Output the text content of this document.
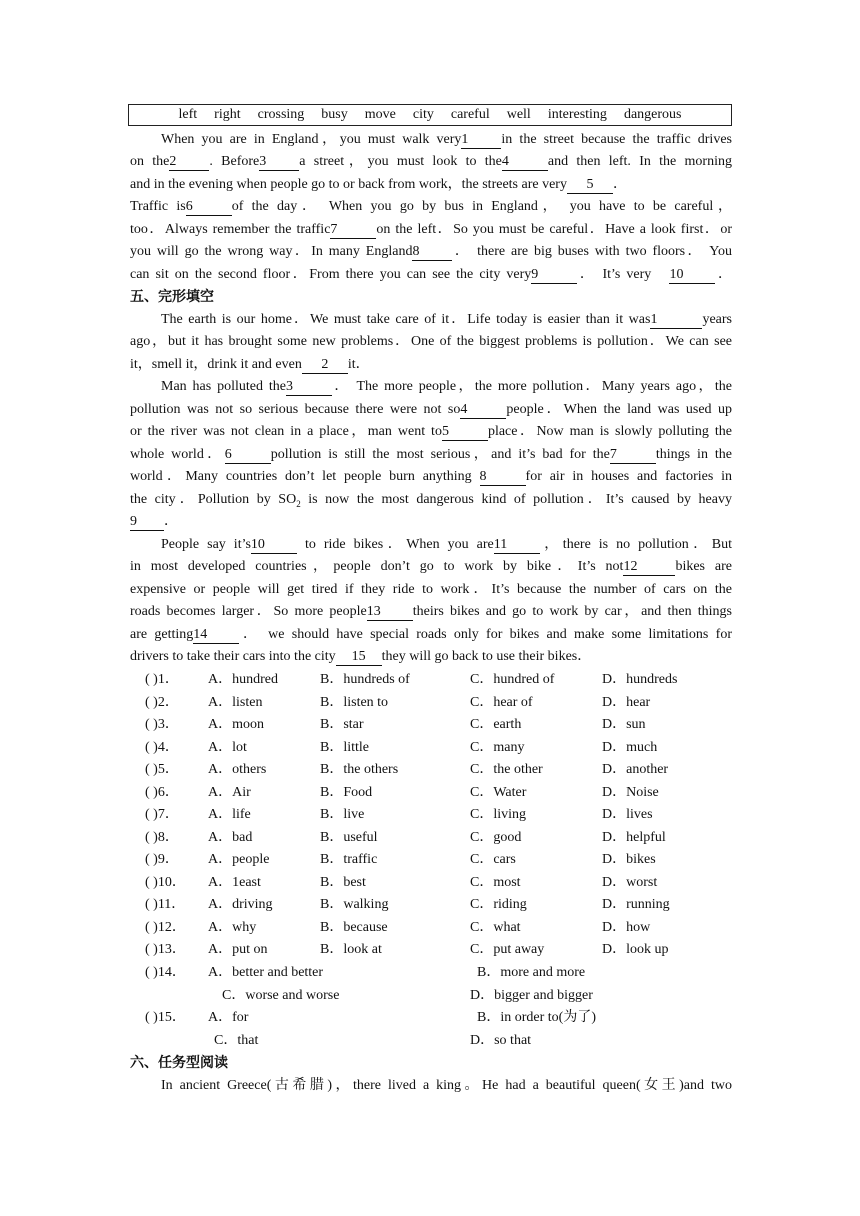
left right crossing busy move city careful well interesting dangerous
When you are in England，you must walk very1 in the street because the traffic drives
on the2 . Before3 a street，you must look to the4	and then left. In the morning
and in the evening when people go to or back from work，the streets are very 5 ．
Traffic is6	of the day． When you go by bus in England， you have to be careful，
too．Always remember the traffic7	on the left．So you must be careful．Have a look first．or
you will go the wrong way．In many England8 ． there are big buses with two floors． You
can sit on the second floor．From there you can see the city very9	． It’s very 10 ．
五、完形填空
The earth is our home．We must take care of it．Life today is easier than it was1	years
ago，but it has brought some new problems．One of the biggest problems is pollution．We can see
it，smell it，drink it and even 2 it．
Man has polluted the3	． The more people，the more pollution．Many years ago，the
pollution was not so serious because there were not so4	people．When the land was used up
or the river was not clean in a place，man went to5	place．Now man is slowly polluting the
whole world．6	pollution is still the most serious，and it’s bad for the7	things in the
world．Many countries don’t let people burn anything 8	for air in houses and factories in
the city．Pollution by $SO_2$ is now the most dangerous kind of pollution．It’s caused by heavy
9 ．
People say it’s10 to ride bikes．When you are11 ，there is no pollution．But
in most developed countries，people don’t go to work by bike．It’s not12	bikes are
expensive or people will get tired if they ride to work．It’s because the number of cars on the
roads becomes larger．So more people13 theirs bikes and go to work by car，and then things
are getting14 ． we should have special roads only for bikes and make some limitations for
drivers to take their cars into the city 15 they will go back to use their bikes．
( )1． A．hundred	B．hundreds of	C．hundred of	D．hundreds
( )2． A．listen	B．listen to	C．hear of	D．hear
( )3． A．moon	B．star	C．earth	D．sun
( )4． A．lot	B．little	C．many	D．much
( )5． A．others	B．the others	C．the other	D．another
( )6． A．Air	B．Food	C．Water	D．Noise
( )7． A．life	B．live	C．living	D．lives
( )8． A．bad	B．useful	C．good	D．helpful
( )9． A．people	B．traffic	C．cars	D．bikes
( )10． A．1east	B．best	C．most	D．worst
( )11． A．driving	B．walking	C．riding	D．running
( )12． A．why	B．because	C．what	D．how
( )13． A．put on	B．look at	C．put away	D．look up
( )14． A．better and better	B．more and more
C．worse and worse	D．bigger and bigger
( )15． A．for	B．in order to(为了)
C．that	D．so that
六、任务型阅读
In ancient Greece(古希腊)，there lived a king。He had a beautiful queen(女王)and two
